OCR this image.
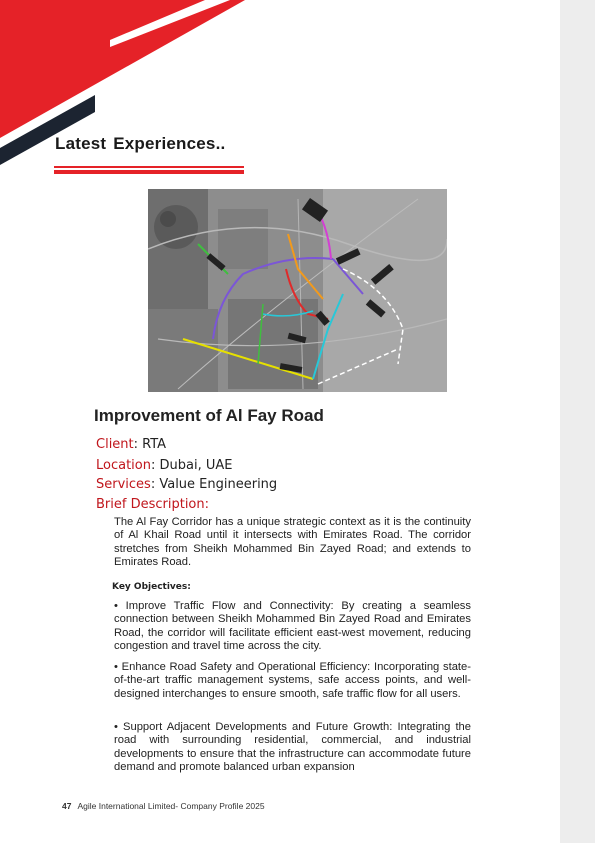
Latest Experiences..
Improvement of Al Fay Road

Client: RTA

Location: Dubai, UAE

Services: Value Engineering

Brief Description:

The Al Fay Corridor has a unique strategic context as it is the continuity of Al Khail Road until it intersects with Emirates Road. The corridor stretches from Sheikh Mohammed Bin Zayed Road; and extends to Emirates Road.

Key Objectives:

• Improve Traffic Flow and Connectivity: By creating a seamless connection between Sheikh Mohammed Bin Zayed Road and Emirates Road, the corridor will facilitate efficient east-west movement, reducing congestion and travel time across the city.

• Enhance Road Safety and Operational Efficiency: Incorporating state-of-the-art traffic management systems, safe access points, and well-designed interchanges to ensure smooth, safe traffic flow for all users.

• Support Adjacent Developments and Future Growth: Integrating the road with surrounding residential, commercial, and industrial developments to ensure that the infrastructure can accommodate future demand and promote balanced urban expansion

47 Agile International Limited- Company Profile 2025
